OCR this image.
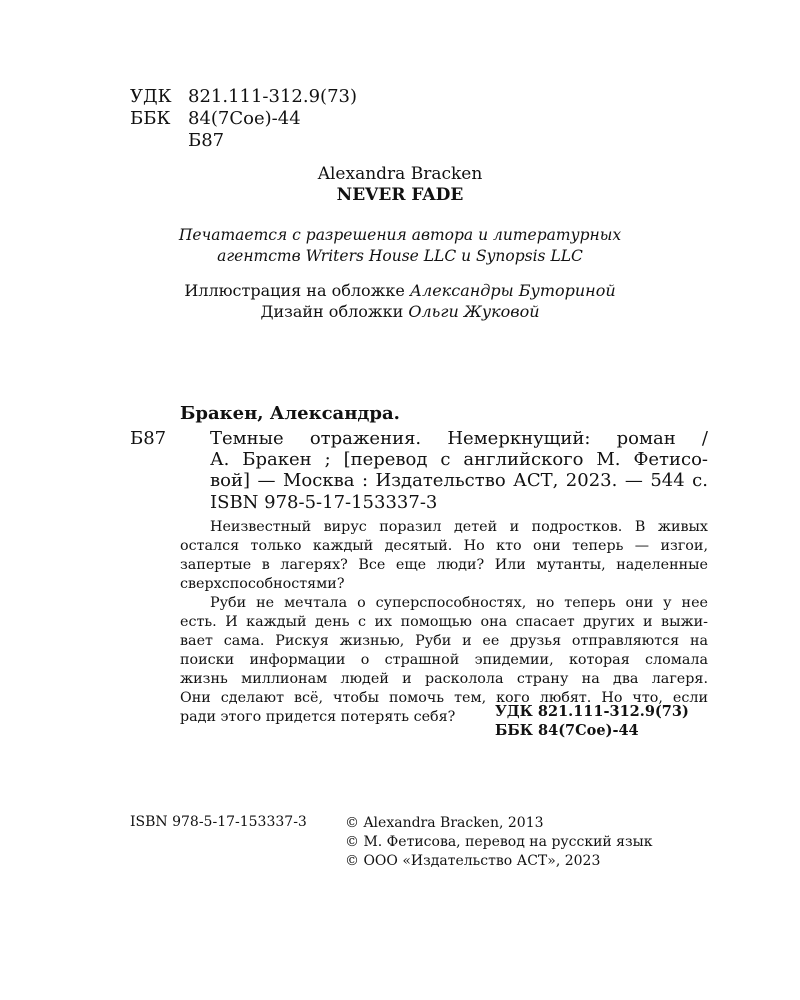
УДК 821.111-312.9(73)
ББК 84(7Сое)-44
Б87
Alexandra Bracken
NEVER FADE
Печатается с разрешения автора и литературных
агентств Writers House LLC и Synopsis LLC
Иллюстрация на обложке Александры Буториной
Дизайн обложки Ольги Жуковой
Бракен, Александра.
Б87 Темные отражения. Немеркнущий: роман /
А. Бракен ; [перевод с английского М. Фетисо-
вой] — Москва : Издательство АСТ, 2023. — 544 с.
ISBN 978-5-17-153337-3
Неизвестный вирус поразил детей и подростков. В живых
остался только каждый десятый. Но кто они теперь — изгои,
запертые в лагерях? Все еще люди? Или мутанты, наделенные
сверхспособностями?
Руби не мечтала о суперспособностях, но теперь они у нее
есть. И каждый день с их помощью она спасает других и выжи-
вает сама. Рискуя жизнью, Руби и ее друзья отправляются на
поиски информации о страшной эпидемии, которая сломала
жизнь миллионам людей и расколола страну на два лагеря.
Они сделают всё, чтобы помочь тем, кого любят. Но что, если
ради этого придется потерять себя?	УДК 821.111-312.9(73)
ББК 84(7Сое)-44
ISBN 978-5-17-153337-3	© Alexandra Bracken, 2013
© М. Фетисова, перевод на русский язык
© ООО «Издательство АСТ», 2023
